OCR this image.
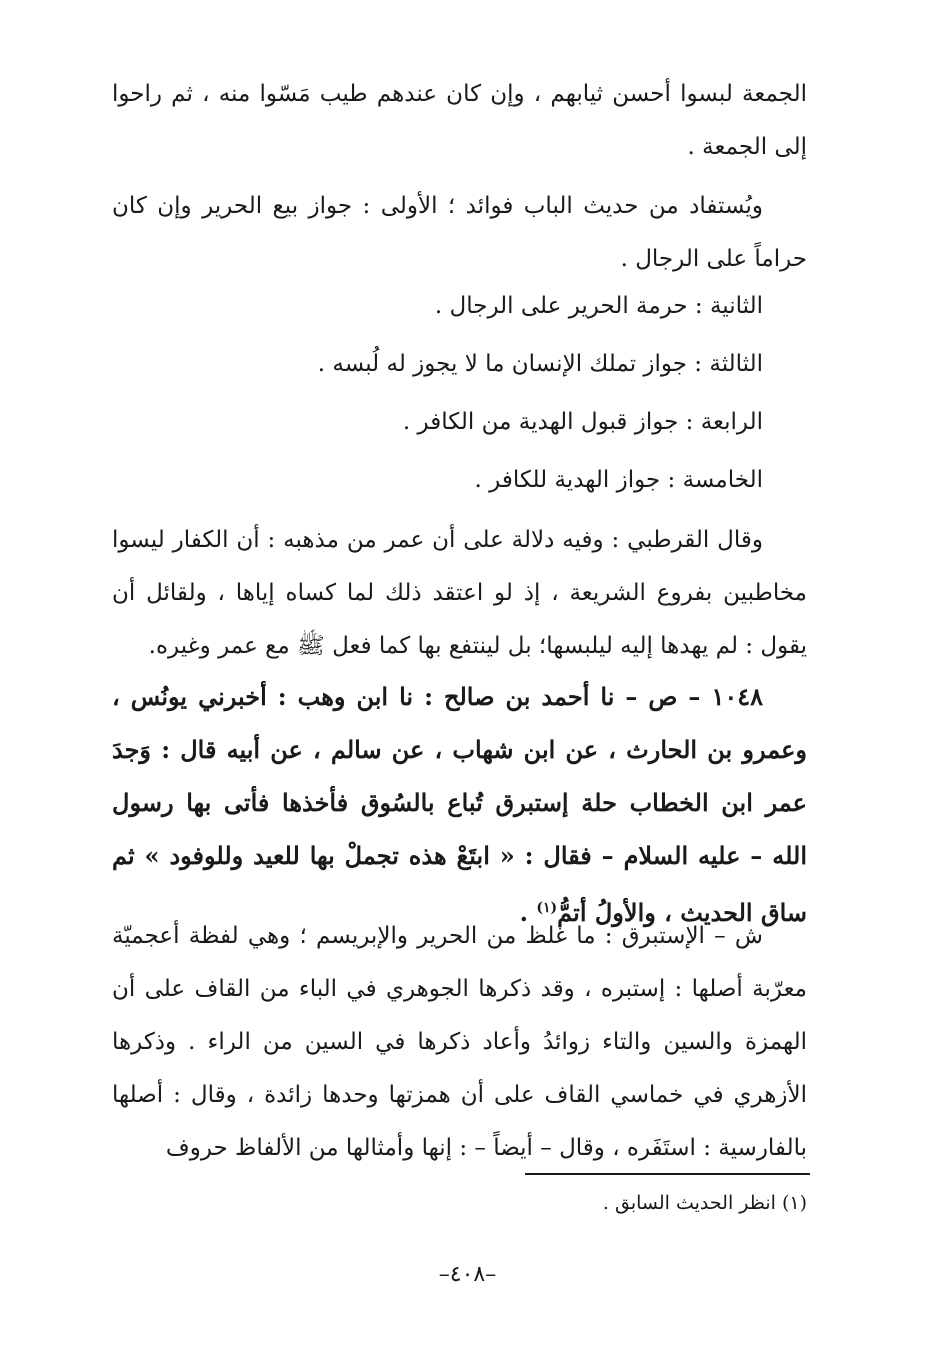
الجمعة لبسوا أحسن ثيابهم ، وإن كان عندهم طيب مَسّوا منه ، ثم راحوا إلى الجمعة .

ويُستفاد من حديث الباب فوائد ؛ الأولى : جواز بيع الحرير وإن كان حراماً على الرجال .

الثانية : حرمة الحرير على الرجال .

الثالثة : جواز تملك الإنسان ما لا يجوز له لُبسه .

الرابعة : جواز قبول الهدية من الكافر .

الخامسة : جواز الهدية للكافر .

وقال القرطبي : وفيه دلالة على أن عمر من مذهبه : أن الكفار ليسوا مخاطبين بفروع الشريعة ، إذ لو اعتقد ذلك لما كساه إياها ، ولقائل أن يقول : لم يهدها إليه ليلبسها؛ بل لينتفع بها كما فعل ﷺ مع عمر وغيره.

١٠٤٨ – ص – نا أحمد بن صالح : نا ابن وهب : أخبرني يونُس ، وعمرو بن الحارث ، عن ابن شهاب ، عن سالم ، عن أبيه قال : وَجدَ عمر ابن الخطاب حلة إستبرق تُباع بالسُوق فأخذها فأتى بها رسول الله – عليه السلام – فقال : « ابتَعْ هذه تجملْ بها للعيد وللوفود » ثم ساق الحديث ، والأولُ أتمُّ$^{(١)}$ .

ش – الإستبرق : ما غلظ من الحرير والإبريسم ؛ وهي لفظة أعجميّة معرّبة أصلها : إستبره ، وقد ذكرها الجوهري في الباء من القاف على أن الهمزة والسين والتاء زوائدُ وأعاد ذكرها في السين من الراء . وذكرها الأزهري في خماسي القاف على أن همزتها وحدها زائدة ، وقال : أصلها بالفارسية : استَفَره ، وقال – أيضاً – : إنها وأمثالها من الألفاظ حروف

(١) انظر الحديث السابق .

–٤٠٨–
